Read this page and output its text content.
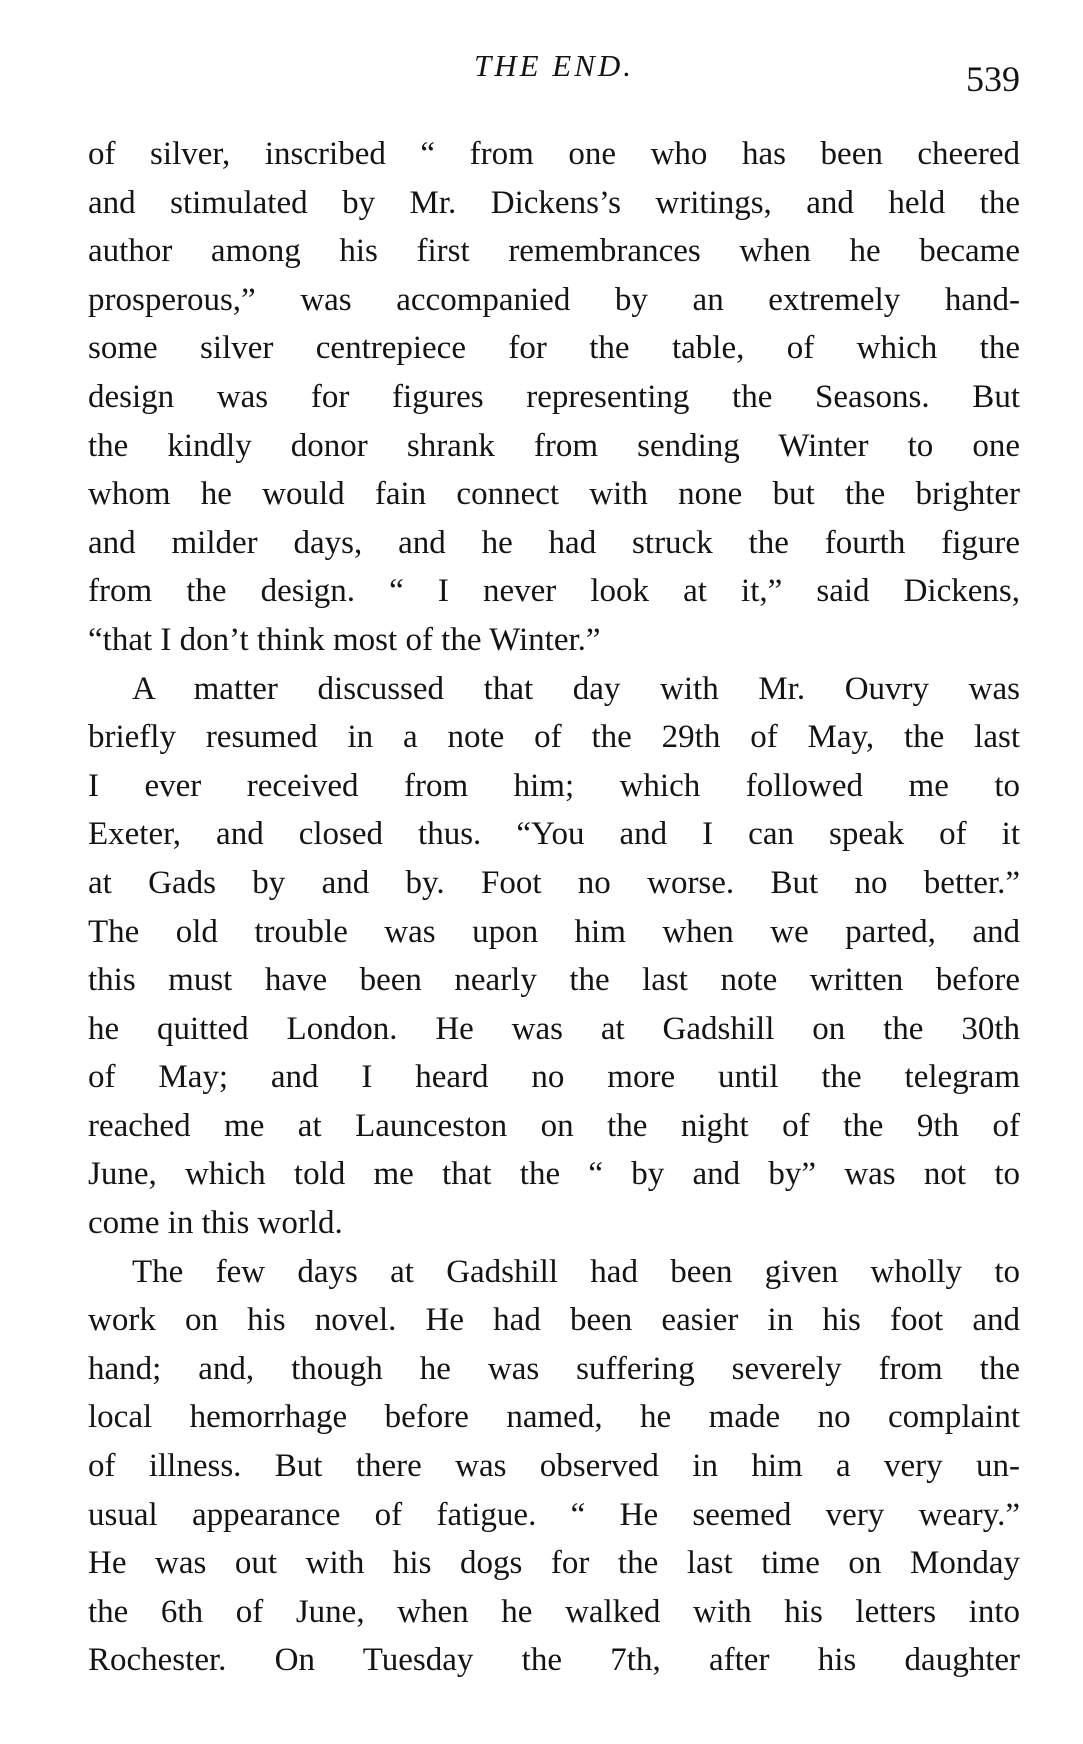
THE END.	539
of silver, inscribed “ from one who has been cheered
and stimulated by Mr. Dickens’s writings, and held the
author among his first remembrances when he became
prosperous,” was accompanied by an extremely hand-
some silver centrepiece for the table, of which the
design was for figures representing the Seasons. But
the kindly donor shrank from sending Winter to one
whom he would fain connect with none but the brighter
and milder days, and he had struck the fourth figure
from the design. “ I never look at it,” said Dickens,
“that I don’t think most of the Winter.”
A matter discussed that day with Mr. Ouvry was
briefly resumed in a note of the 29th of May, the last
I ever received from him; which followed me to
Exeter, and closed thus. “You and I can speak of it
at Gads by and by. Foot no worse. But no better.”
The old trouble was upon him when we parted, and
this must have been nearly the last note written before
he quitted London. He was at Gadshill on the 30th
of May; and I heard no more until the telegram
reached me at Launceston on the night of the 9th of
June, which told me that the “ by and by” was not to
come in this world.
The few days at Gadshill had been given wholly to
work on his novel. He had been easier in his foot and
hand; and, though he was suffering severely from the
local hemorrhage before named, he made no complaint
of illness. But there was observed in him a very un-
usual appearance of fatigue. “ He seemed very weary.”
He was out with his dogs for the last time on Monday
the 6th of June, when he walked with his letters into
Rochester. On Tuesday the 7th, after his daughter
